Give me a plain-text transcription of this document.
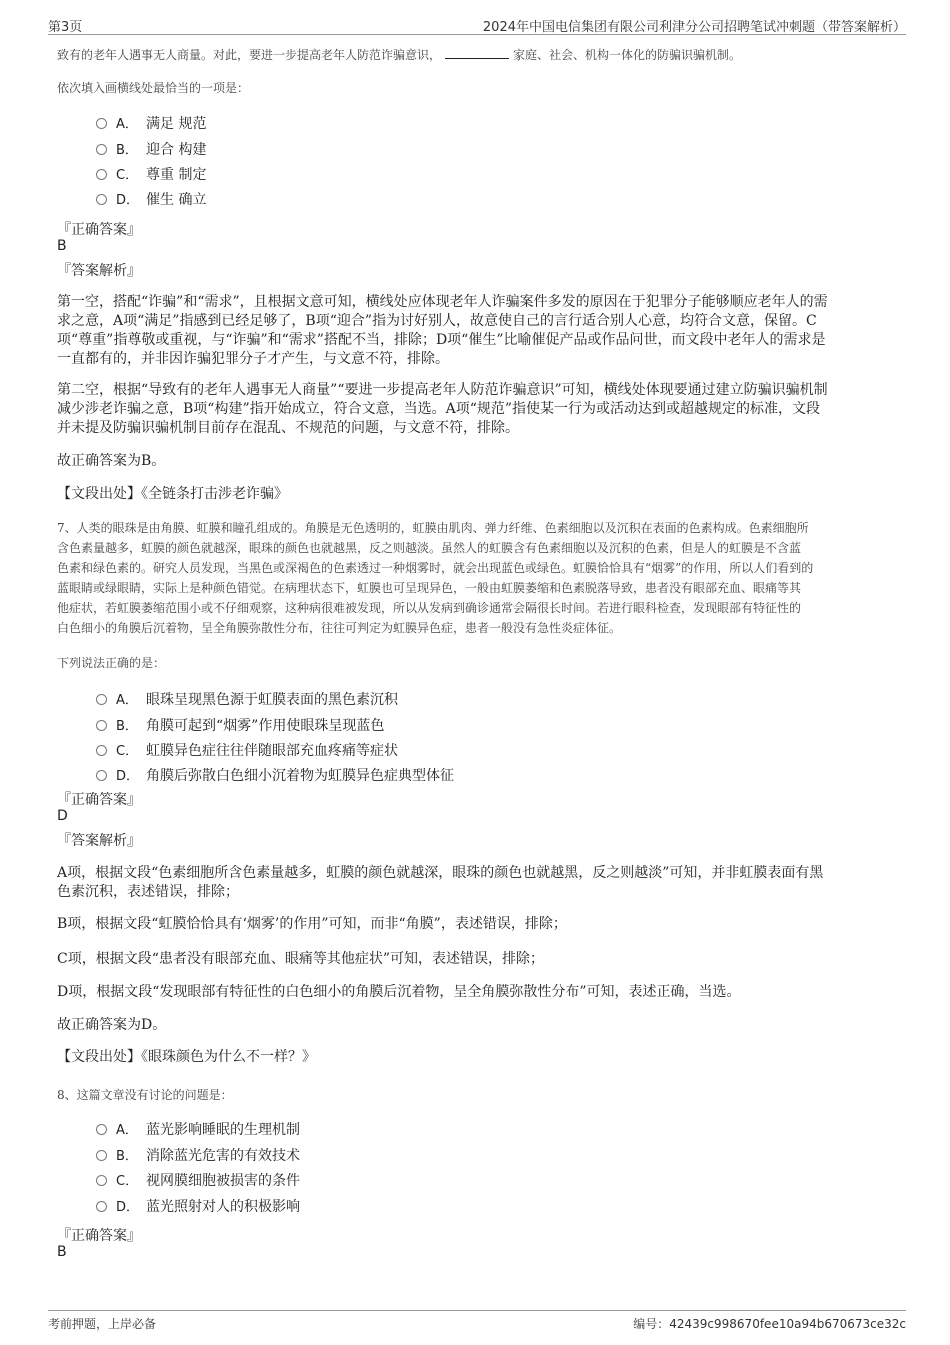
第3页	2024年中国电信集团有限公司利津分公司招聘笔试冲刺题（带答案解析）
致有的老年人遇事无人商量。对此，要进一步提高老年人防范诈骗意识，	家庭、社会、机构一体化的防骗识骗机制。
依次填入画横线处最恰当的一项是：
A． 满足 规范
B． 迎合 构建
C． 尊重 制定
D． 催生 确立
『正确答案』
B
『答案解析』
第一空，搭配“诈骗”和“需求”，且根据文意可知，横线处应体现老年人诈骗案件多发的原因在于犯罪分子能够顺应老年人的需
求之意，A项“满足”指感到已经足够了，B项“迎合”指为讨好别人，故意使自己的言行适合别人心意，均符合文意，保留。C
项“尊重”指尊敬或重视，与“诈骗”和“需求”搭配不当，排除；D项“催生”比喻催促产品或作品问世，而文段中老年人的需求是
一直都有的，并非因诈骗犯罪分子才产生，与文意不符，排除。
第二空，根据“导致有的老年人遇事无人商量”“要进一步提高老年人防范诈骗意识”可知，横线处体现要通过建立防骗识骗机制
减少涉老诈骗之意，B项“构建”指开始成立，符合文意，当选。A项“规范”指使某一行为或活动达到或超越规定的标准，文段
并未提及防骗识骗机制目前存在混乱、不规范的问题，与文意不符，排除。
故正确答案为B。
【文段出处】《全链条打击涉老诈骗》
7、人类的眼珠是由角膜、虹膜和瞳孔组成的。角膜是无色透明的，虹膜由肌肉、弹力纤维、色素细胞以及沉积在表面的色素构成。色素细胞所
含色素量越多，虹膜的颜色就越深，眼珠的颜色也就越黑，反之则越淡。虽然人的虹膜含有色素细胞以及沉积的色素，但是人的虹膜是不含蓝
色素和绿色素的。研究人员发现，当黑色或深褐色的色素透过一种烟雾时，就会出现蓝色或绿色。虹膜恰恰具有“烟雾”的作用，所以人们看到的
蓝眼睛或绿眼睛，实际上是种颜色错觉。在病理状态下，虹膜也可呈现异色，一般由虹膜萎缩和色素脱落导致，患者没有眼部充血、眼痛等其
他症状，若虹膜萎缩范围小或不仔细观察，这种病很难被发现，所以从发病到确诊通常会隔很长时间。若进行眼科检查，发现眼部有特征性的
白色细小的角膜后沉着物，呈全角膜弥散性分布，往往可判定为虹膜异色症，患者一般没有急性炎症体征。
下列说法正确的是：
A． 眼珠呈现黑色源于虹膜表面的黑色素沉积
B． 角膜可起到“烟雾”作用使眼珠呈现蓝色
C． 虹膜异色症往往伴随眼部充血疼痛等症状
D． 角膜后弥散白色细小沉着物为虹膜异色症典型体征
『正确答案』
D
『答案解析』
A项，根据文段“色素细胞所含色素量越多，虹膜的颜色就越深，眼珠的颜色也就越黑，反之则越淡”可知，并非虹膜表面有黑
色素沉积，表述错误，排除；
B项，根据文段“虹膜恰恰具有‘烟雾’的作用”可知，而非“角膜”，表述错误，排除；
C项，根据文段“患者没有眼部充血、眼痛等其他症状”可知，表述错误，排除；
D项，根据文段“发现眼部有特征性的白色细小的角膜后沉着物，呈全角膜弥散性分布”可知，表述正确，当选。
故正确答案为D。
【文段出处】《眼珠颜色为什么不一样？》
8、这篇文章没有讨论的问题是：
A． 蓝光影响睡眠的生理机制
B． 消除蓝光危害的有效技术
C． 视网膜细胞被损害的条件
D． 蓝光照射对人的积极影响
『正确答案』
B
考前押题，上岸必备	编号：42439c998670fee10a94b670673ce32c
